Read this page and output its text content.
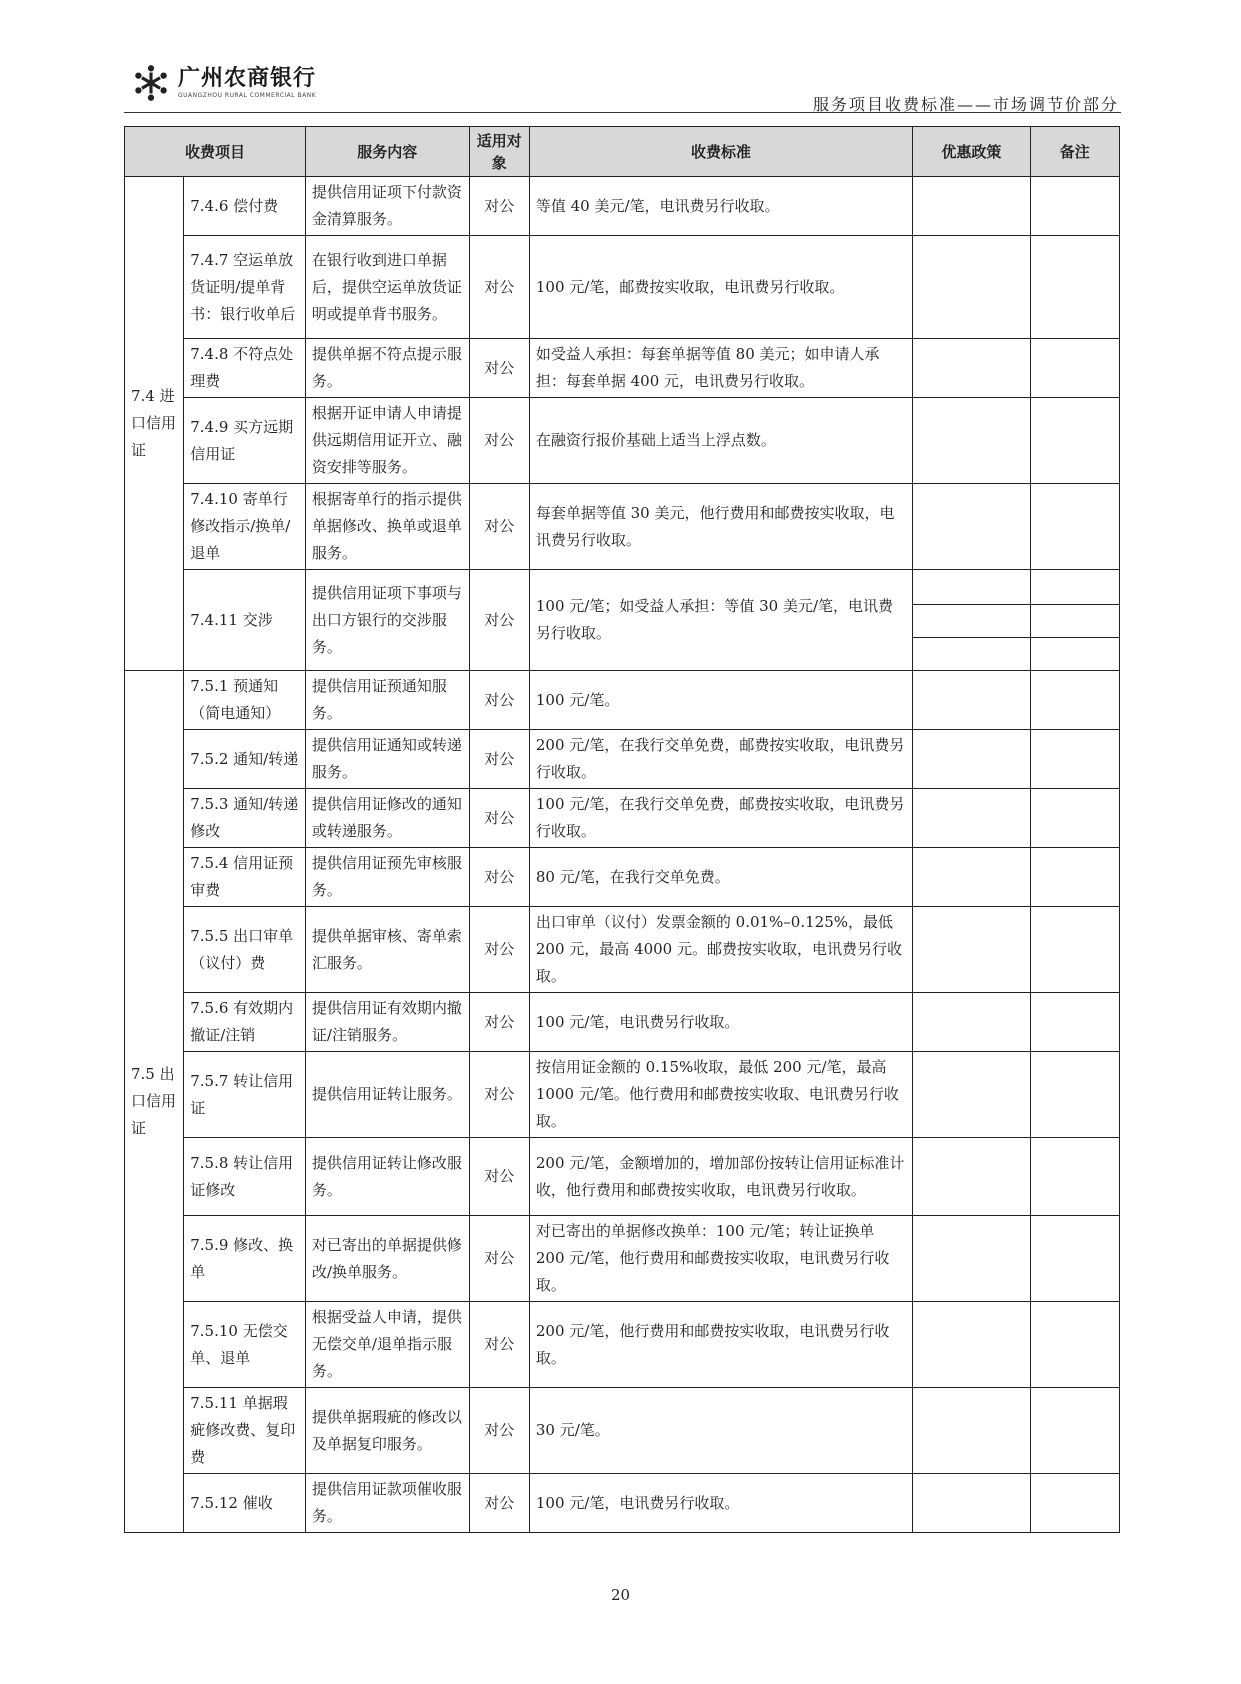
广州农商银行
GUANGZHOU RURAL COMMERCIAL BANK	服务项目收费标准——市场调节价部分
收费项目		服务内容	适用对象	收费标准	优惠政策	备注
7.4 进口信用证	7.4.6 偿付费	提供信用证项下付款资金清算服务。	对公	等值 40 美元/笔，电讯费另行收取。		
	7.4.7 空运单放货证明/提单背书：银行收单后	在银行收到进口单据后，提供空运单放货证明或提单背书服务。	对公	100 元/笔，邮费按实收取，电讯费另行收取。		
	7.4.8 不符点处理费	提供单据不符点提示服务。	对公	如受益人承担：每套单据等值 80 美元；如申请人承担：每套单据 400 元，电讯费另行收取。		
	7.4.9 买方远期信用证	根据开证申请人申请提供远期信用证开立、融资安排等服务。	对公	在融资行报价基础上适当上浮点数。		
	7.4.10 寄单行修改指示/换单/退单	根据寄单行的指示提供单据修改、换单或退单服务。	对公	每套单据等值 30 美元，他行费用和邮费按实收取，电讯费另行收取。		
	7.4.11 交涉	提供信用证项下事项与出口方银行的交涉服务。	对公	100 元/笔；如受益人承担：等值 30 美元/笔，电讯费另行收取。		

7.5 出口信用证	7.5.1 预通知（简电通知）	提供信用证预通知服务。	对公	100 元/笔。		
	7.5.2 通知/转递	提供信用证通知或转递服务。	对公	200 元/笔，在我行交单免费，邮费按实收取，电讯费另行收取。		
	7.5.3 通知/转递修改	提供信用证修改的通知或转递服务。	对公	100 元/笔，在我行交单免费，邮费按实收取，电讯费另行收取。		
	7.5.4 信用证预审费	提供信用证预先审核服务。	对公	80 元/笔，在我行交单免费。		
	7.5.5 出口审单（议付）费	提供单据审核、寄单索汇服务。	对公	出口审单（议付）发票金额的 0.01%–0.125%，最低 200 元，最高 4000 元。邮费按实收取，电讯费另行收取。		
	7.5.6 有效期内撤证/注销	提供信用证有效期内撤证/注销服务。	对公	100 元/笔，电讯费另行收取。		
	7.5.7 转让信用证	提供信用证转让服务。	对公	按信用证金额的 0.15%收取，最低 200 元/笔，最高 1000 元/笔。他行费用和邮费按实收取、电讯费另行收取。		
	7.5.8 转让信用证修改	提供信用证转让修改服务。	对公	200 元/笔，金额增加的，增加部份按转让信用证标准计收，他行费用和邮费按实收取，电讯费另行收取。		
	7.5.9 修改、换单	对已寄出的单据提供修改/换单服务。	对公	对已寄出的单据修改换单：100 元/笔；转让证换单 200 元/笔，他行费用和邮费按实收取，电讯费另行收取。		
	7.5.10 无偿交单、退单	根据受益人申请，提供无偿交单/退单指示服务。	对公	200 元/笔，他行费用和邮费按实收取，电讯费另行收取。		
	7.5.11 单据瑕疵修改费、复印费	提供单据瑕疵的修改以及单据复印服务。	对公	30 元/笔。		
	7.5.12 催收	提供信用证款项催收服务。	对公	100 元/笔，电讯费另行收取。		
20
